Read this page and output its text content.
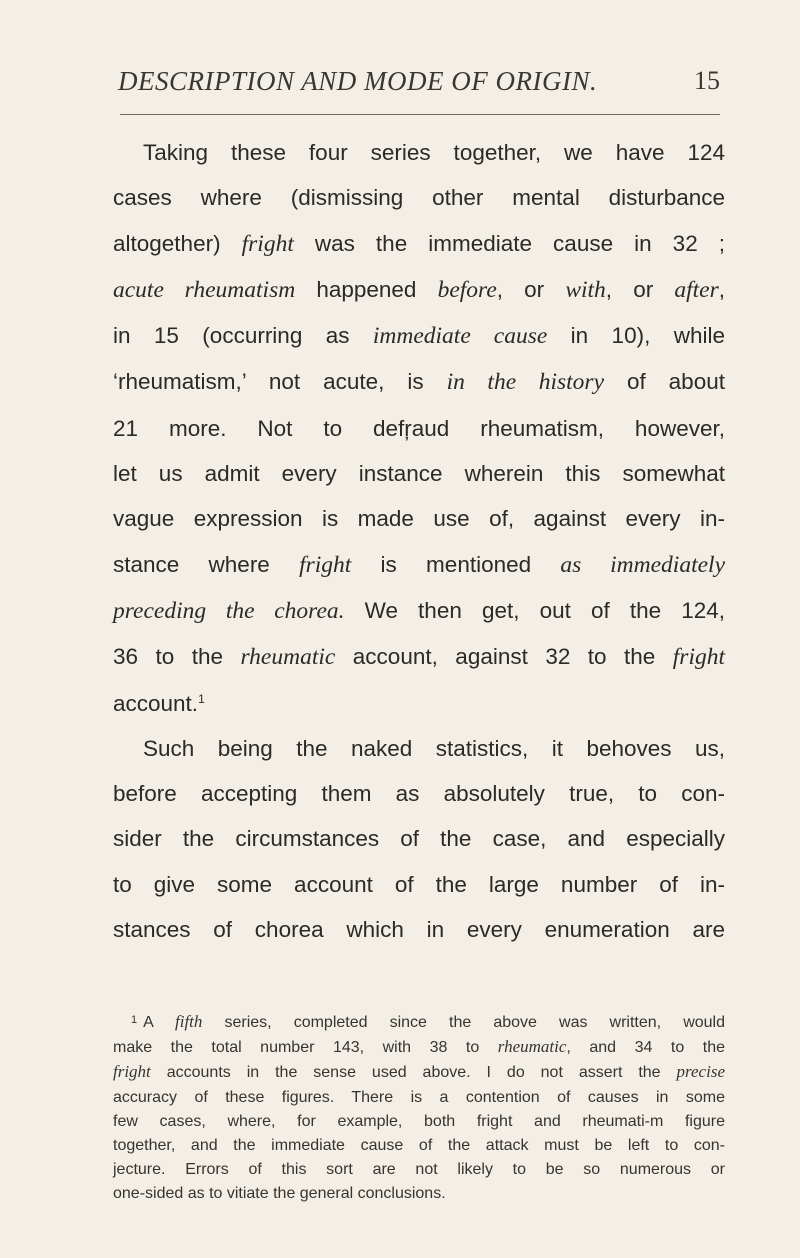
DESCRIPTION AND MODE OF ORIGIN.	15
Taking these four series together, we have 124
cases where (dismissing other mental disturbance
altogether) fright was the immediate cause in 32 ;
acute rheumatism happened before, or with, or after,
in 15 (occurring as immediate cause in 10), while
‘rheumatism,’ not acute, is in the history of about
21 more. Not to defŗaud rheumatism, however,
let us admit every instance wherein this somewhat
vague expression is made use of, against every in-
stance where fright is mentioned as immediately
preceding the chorea. We then get, out of the 124,
36 to the rheumatic account, against 32 to the fright
account.$^1$
Such being the naked statistics, it behoves us,
before accepting them as absolutely true, to con-
sider the circumstances of the case, and especially
to give some account of the large number of in-
stances of chorea which in every enumeration are
$^1$ A fifth series, completed since the above was written, would
make the total number 143, with 38 to rheumatic, and 34 to the
fright accounts in the sense used above. I do not assert the precise
accuracy of these figures. There is a contention of causes in some
few cases, where, for example, both fright and rheumati-m figure
together, and the immediate cause of the attack must be left to con-
jecture. Errors of this sort are not likely to be so numerous or
one-sided as to vitiate the general conclusions.
